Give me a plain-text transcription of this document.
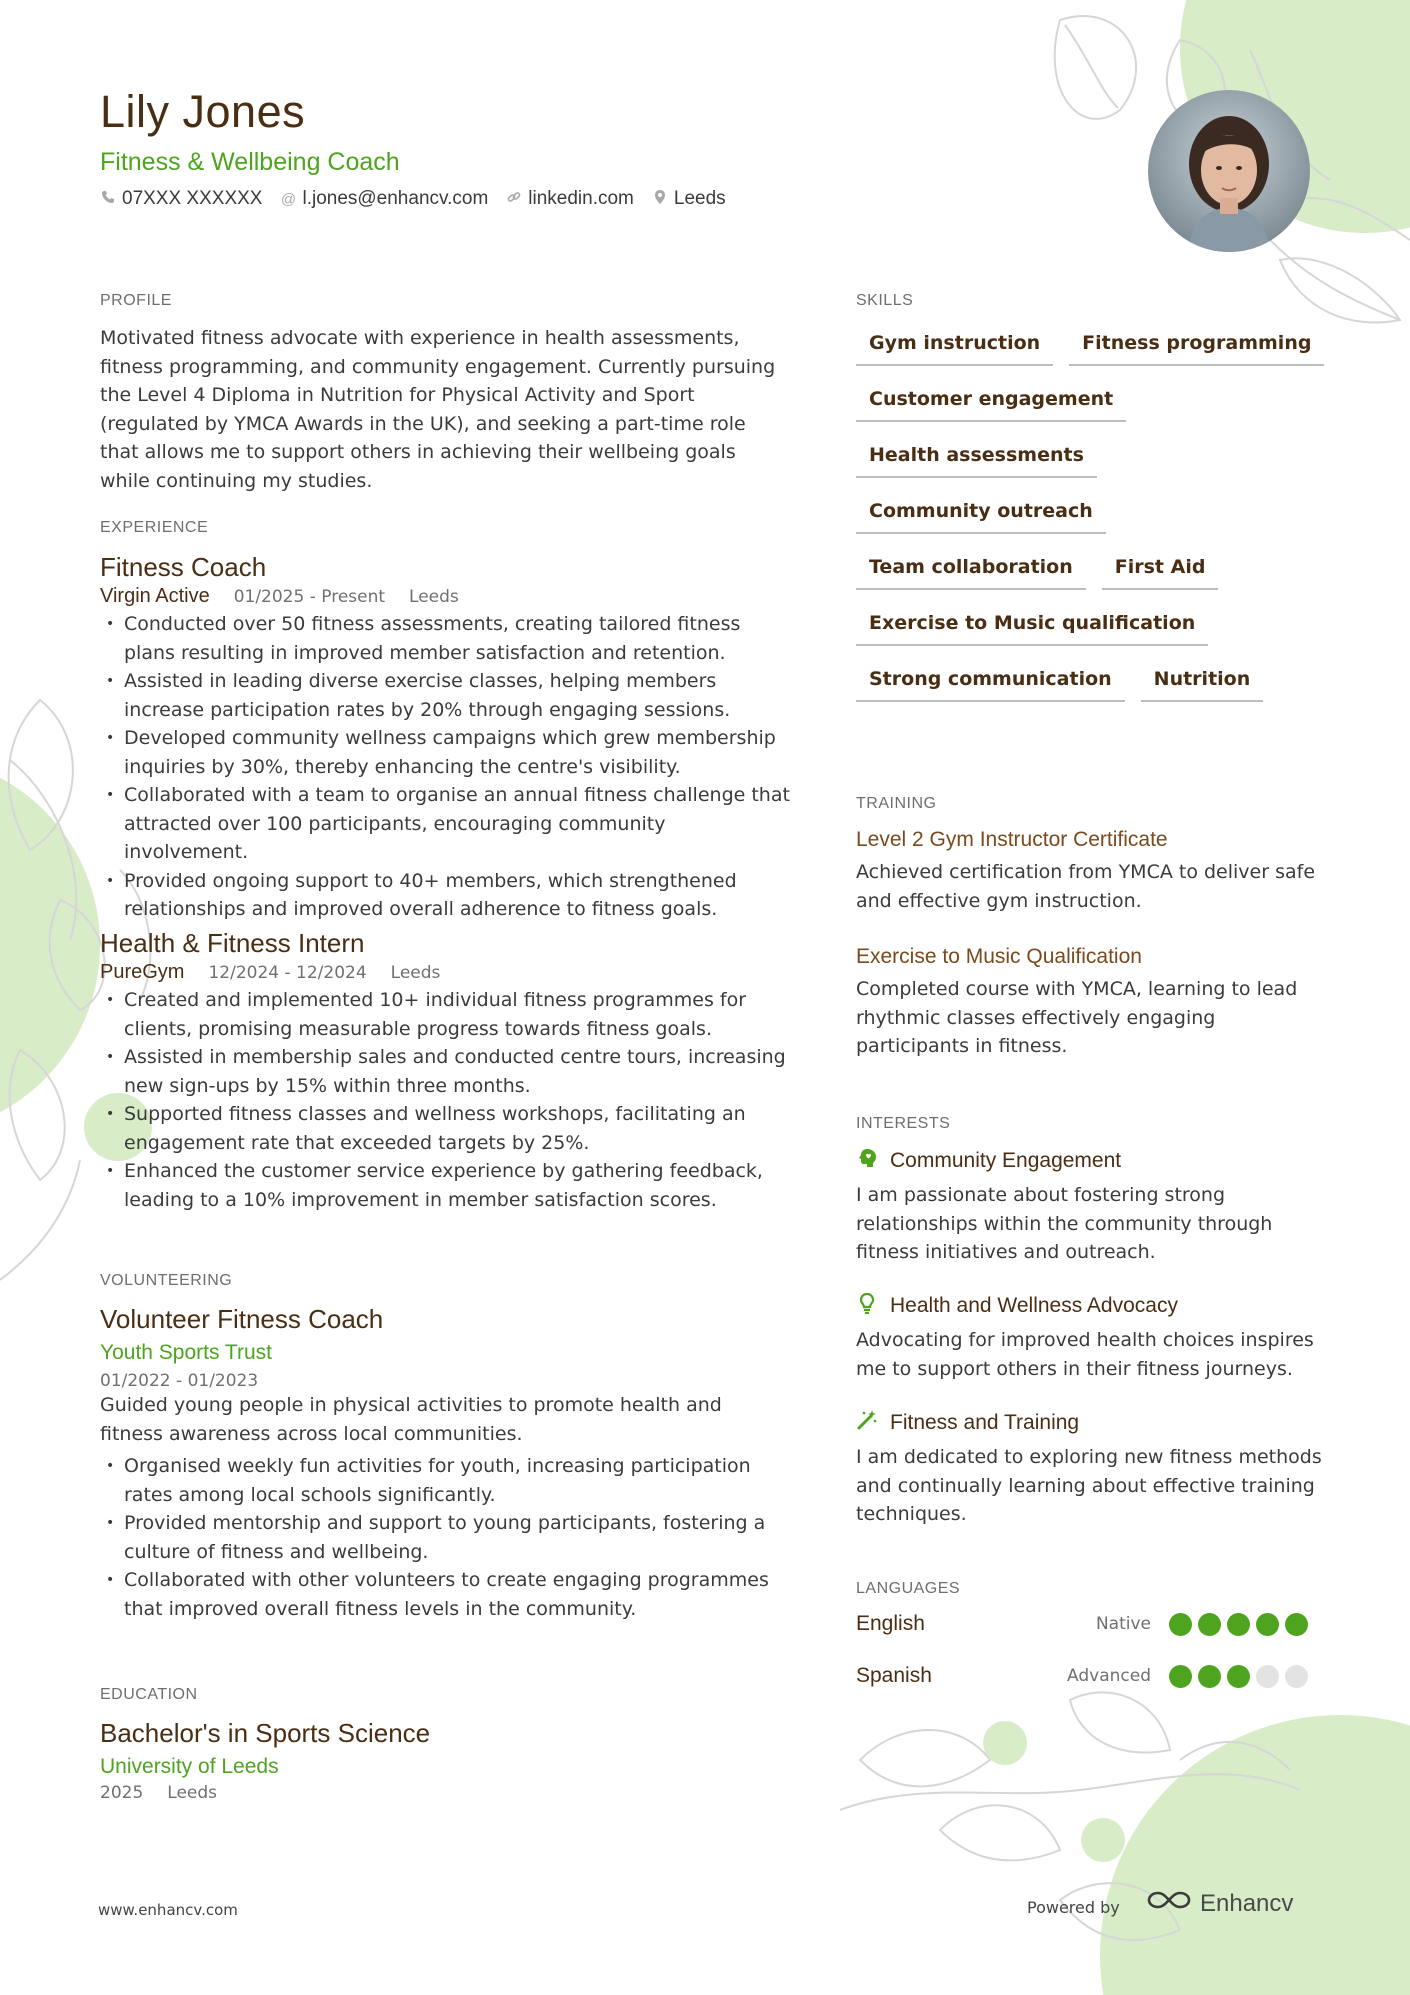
Lily Jones
Fitness & Wellbeing Coach
07XXX XXXXXX @ l.jones@enhancv.com linkedin.com Leeds
PROFILE
Motivated fitness advocate with experience in health assessments, fitness programming, and community engagement. Currently pursuing the Level 4 Diploma in Nutrition for Physical Activity and Sport (regulated by YMCA Awards in the UK), and seeking a part-time role that allows me to support others in achieving their wellbeing goals while continuing my studies.
EXPERIENCE
Fitness Coach
Virgin Active 01/2025 - Present Leeds
• Conducted over 50 fitness assessments, creating tailored fitness plans resulting in improved member satisfaction and retention.
• Assisted in leading diverse exercise classes, helping members increase participation rates by 20% through engaging sessions.
• Developed community wellness campaigns which grew membership inquiries by 30%, thereby enhancing the centre's visibility.
• Collaborated with a team to organise an annual fitness challenge that attracted over 100 participants, encouraging community involvement.
• Provided ongoing support to 40+ members, which strengthened relationships and improved overall adherence to fitness goals.
Health & Fitness Intern
PureGym 12/2024 - 12/2024 Leeds
• Created and implemented 10+ individual fitness programmes for clients, promising measurable progress towards fitness goals.
• Assisted in membership sales and conducted centre tours, increasing new sign-ups by 15% within three months.
• Supported fitness classes and wellness workshops, facilitating an engagement rate that exceeded targets by 25%.
• Enhanced the customer service experience by gathering feedback, leading to a 10% improvement in member satisfaction scores.
VOLUNTEERING
Volunteer Fitness Coach
Youth Sports Trust
01/2022 - 01/2023
Guided young people in physical activities to promote health and fitness awareness across local communities.
• Organised weekly fun activities for youth, increasing participation rates among local schools significantly.
• Provided mentorship and support to young participants, fostering a culture of fitness and wellbeing.
• Collaborated with other volunteers to create engaging programmes that improved overall fitness levels in the community.
EDUCATION
Bachelor's in Sports Science
University of Leeds
2025 Leeds
SKILLS
Gym instruction	Fitness programming
Customer engagement
Health assessments
Community outreach
Team collaboration	First Aid
Exercise to Music qualification
Strong communication	Nutrition
TRAINING
Level 2 Gym Instructor Certificate
Achieved certification from YMCA to deliver safe and effective gym instruction.
Exercise to Music Qualification
Completed course with YMCA, learning to lead rhythmic classes effectively engaging participants in fitness.
INTERESTS
Community Engagement
I am passionate about fostering strong relationships within the community through fitness initiatives and outreach.
Health and Wellness Advocacy
Advocating for improved health choices inspires me to support others in their fitness journeys.
Fitness and Training
I am dedicated to exploring new fitness methods and continually learning about effective training techniques.
LANGUAGES
English	Native
Spanish	Advanced
www.enhancv.com	Powered by	Enhancv
